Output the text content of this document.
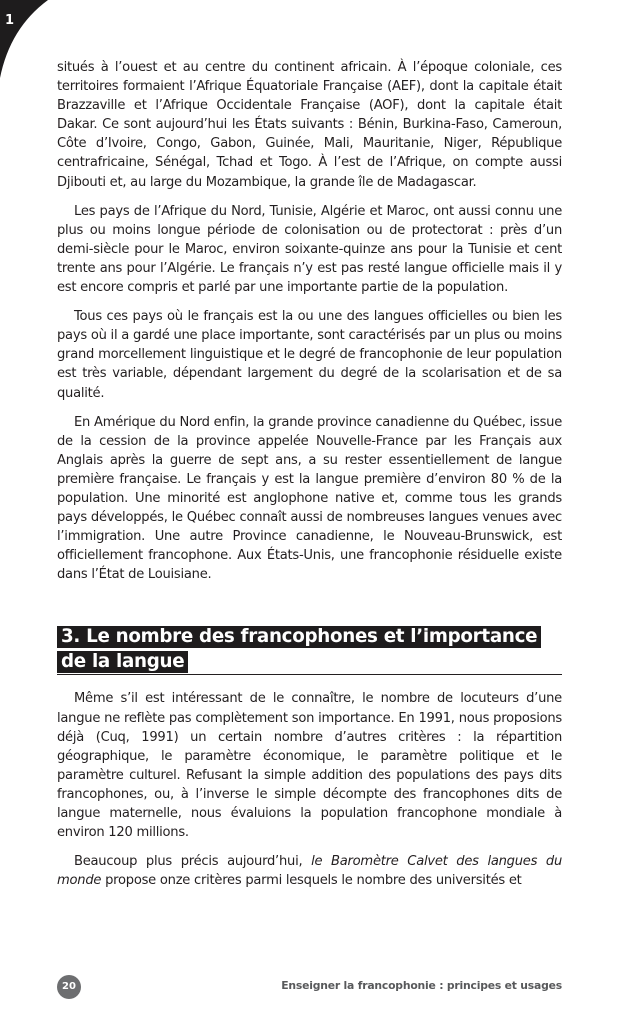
1

situés à l’ouest et au centre du continent africain. À l’époque coloniale, ces territoires formaient l’Afrique Équatoriale Française (AEF), dont la capitale était Brazzaville et l’Afrique Occidentale Française (AOF), dont la capitale était Dakar. Ce sont aujourd’hui les États suivants : Bénin, Burkina-Faso, Cameroun, Côte d’Ivoire, Congo, Gabon, Guinée, Mali, Mauritanie, Niger, République centrafricaine, Sénégal, Tchad et Togo. À l’est de l’Afrique, on compte aussi Djibouti et, au large du Mozambique, la grande île de Madagascar.

Les pays de l’Afrique du Nord, Tunisie, Algérie et Maroc, ont aussi connu une plus ou moins longue période de colonisation ou de protectorat : près d’un demi-siècle pour le Maroc, environ soixante-quinze ans pour la Tunisie et cent trente ans pour l’Algérie. Le français n’y est pas resté langue officielle mais il y est encore compris et parlé par une importante partie de la population.

Tous ces pays où le français est la ou une des langues officielles ou bien les pays où il a gardé une place importante, sont caractérisés par un plus ou moins grand morcellement linguistique et le degré de francophonie de leur population est très variable, dépendant largement du degré de la scolarisation et de sa qualité.

En Amérique du Nord enfin, la grande province canadienne du Québec, issue de la cession de la province appelée Nouvelle-France par les Français aux Anglais après la guerre de sept ans, a su rester essentiellement de langue première française. Le français y est la langue première d’environ 80 % de la population. Une minorité est anglophone native et, comme tous les grands pays développés, le Québec connaît aussi de nombreuses langues venues avec l’immigration. Une autre Province canadienne, le Nouveau-Brunswick, est officiellement francophone. Aux États-Unis, une francophonie résiduelle existe dans l’État de Louisiane.

3. Le nombre des francophones et l’importance de la langue

Même s’il est intéressant de le connaître, le nombre de locuteurs d’une langue ne reflète pas complètement son importance. En 1991, nous proposions déjà (Cuq, 1991) un certain nombre d’autres critères : la répartition géographique, le paramètre économique, le paramètre politique et le paramètre culturel. Refusant la simple addition des populations des pays dits francophones, ou, à l’inverse le simple décompte des francophones dits de langue maternelle, nous évaluions la population francophone mondiale à environ 120 millions.

Beaucoup plus précis aujourd’hui, le Baromètre Calvet des langues du monde propose onze critères parmi lesquels le nombre des universités et

20	Enseigner la francophonie : principes et usages
